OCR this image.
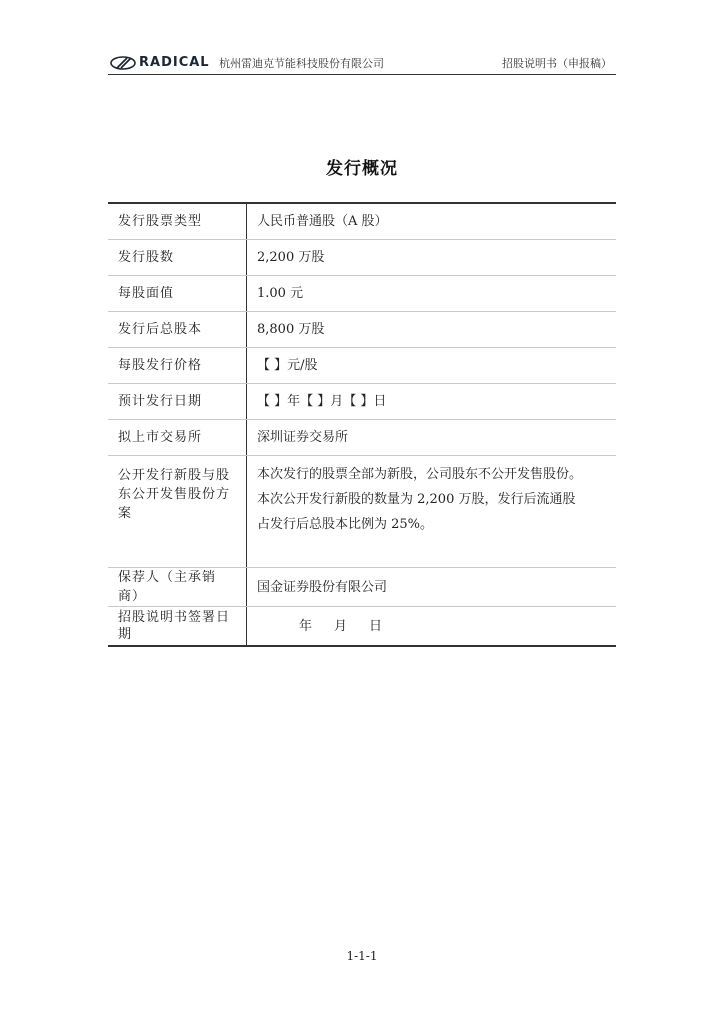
RADICAL 杭州雷迪克节能科技股份有限公司	招股说明书（申报稿）
发行概况
发行股票类型	人民币普通股（A 股）
发行股数	2,200 万股
每股面值	1.00 元
发行后总股本	8,800 万股
每股发行价格	【 】元/股
预计发行日期	【 】年【 】月【 】日
拟上市交易所	深圳证券交易所
公开发行新股与股东公开发售股份方案	本次发行的股票全部为新股，公司股东不公开发售股份。
本次公开发行新股的数量为 2,200 万股，发行后流通股
占发行后总股本比例为 25%。

保荐人（主承销商）	国金证券股份有限公司
招股说明书签署日期	年 月 日
1-1-1
